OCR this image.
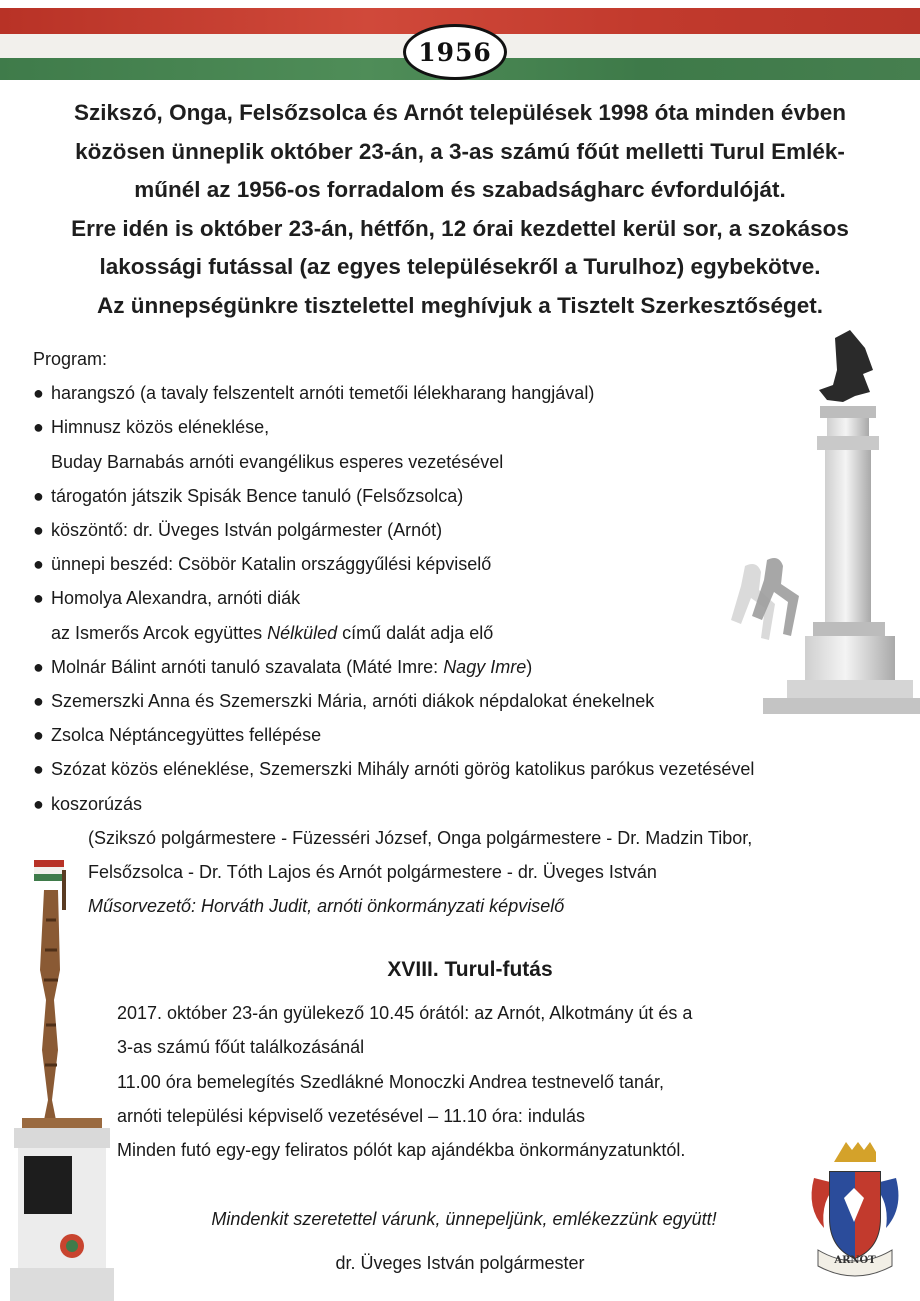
1956
Szikszó, Onga, Felsőzsolca és Arnót települések 1998 óta minden évben
közösen ünneplik október 23-án, a 3-as számú főút melletti Turul Emlék-
műnél az 1956-os forradalom és szabadságharc évfordulóját.
Erre idén is október 23-án, hétfőn, 12 órai kezdettel kerül sor, a szokásos
lakossági futással (az egyes településekről a Turulhoz) egybekötve.
Az ünnepségünkre tisztelettel meghívjuk a Tisztelt Szerkesztőséget.
Program:
● harangszó (a tavaly felszentelt arnóti temetői lélekharang hangjával)
● Himnusz közös eléneklése,
Buday Barnabás arnóti evangélikus esperes vezetésével
● tárogatón játszik Spisák Bence tanuló (Felsőzsolca)
● köszöntő: dr. Üveges István polgármester (Arnót)
● ünnepi beszéd: Csöbör Katalin országgyűlési képviselő
● Homolya Alexandra, arnóti diák
az Ismerős Arcok együttes Nélküled című dalát adja elő
● Molnár Bálint arnóti tanuló szavalata (Máté Imre: Nagy Imre)
● Szemerszki Anna és Szemerszki Mária, arnóti diákok népdalokat énekelnek
● Zsolca Néptáncegyüttes fellépése
● Szózat közös eléneklése, Szemerszki Mihály arnóti görög katolikus parókus vezetésével
● koszorúzás
(Szikszó polgármestere - Füzesséri József, Onga polgármestere - Dr. Madzin Tibor,
Felsőzsolca - Dr. Tóth Lajos és Arnót polgármestere - dr. Üveges István
Műsorvezető: Horváth Judit, arnóti önkormányzati képviselő
XVIII. Turul-futás
2017. október 23-án gyülekező 10.45 órától: az Arnót, Alkotmány út és a
3-as számú főút találkozásánál
11.00 óra bemelegítés Szedlákné Monoczki Andrea testnevelő tanár,
arnóti települési képviselő vezetésével – 11.10 óra: indulás
Minden futó egy-egy feliratos pólót kap ajándékba önkormányzatunktól.
ARNÓT
Mindenkit szeretettel várunk, ünnepeljünk, emlékezzünk együtt!
dr. Üveges István polgármester
